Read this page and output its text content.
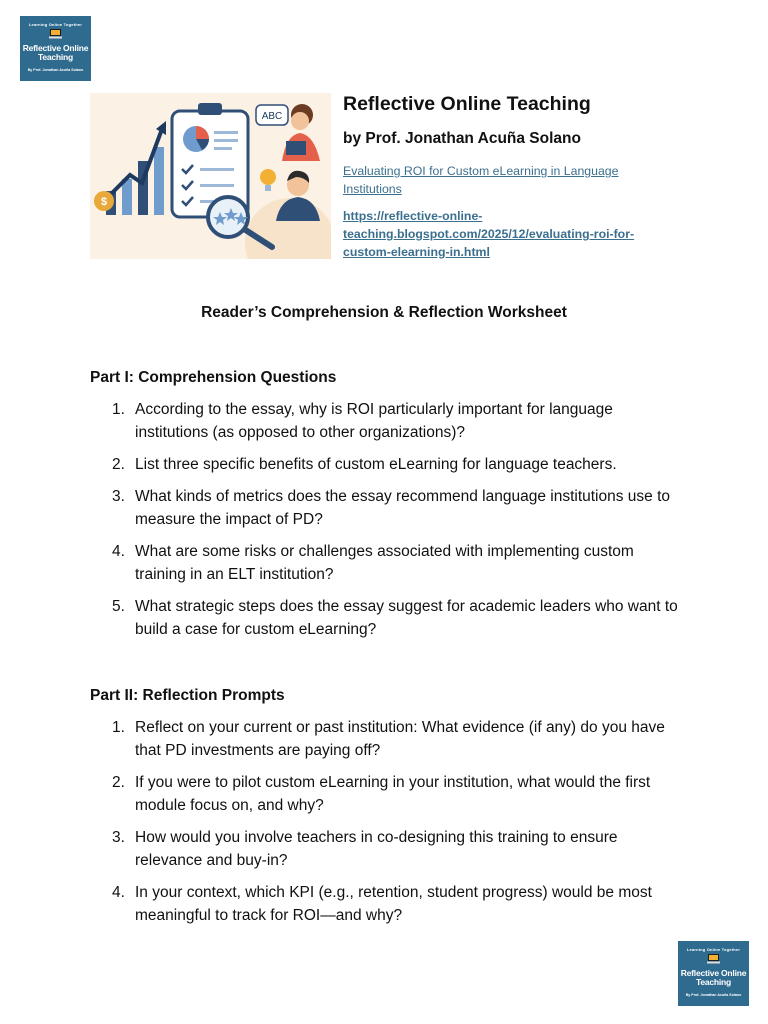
Learning Online Together
Reflective Online
Teaching
By Prof. Jonathan Acuña Solano
$
ABC
Reflective Online Teaching
by Prof. Jonathan Acuña Solano
Evaluating ROI for Custom eLearning in Language Institutions
https://reflective-online-teaching.blogspot.com/2025/12/evaluating-roi-for-custom-elearning-in.html
Reader’s Comprehension & Reflection Worksheet
Part I: Comprehension Questions
1. According to the essay, why is ROI particularly important for language institutions (as opposed to other organizations)?
2. List three specific benefits of custom eLearning for language teachers.
3. What kinds of metrics does the essay recommend language institutions use to measure the impact of PD?
4. What are some risks or challenges associated with implementing custom training in an ELT institution?
5. What strategic steps does the essay suggest for academic leaders who want to build a case for custom eLearning?
Part II: Reflection Prompts
1. Reflect on your current or past institution: What evidence (if any) do you have that PD investments are paying off?
2. If you were to pilot custom eLearning in your institution, what would the first module focus on, and why?
3. How would you involve teachers in co-designing this training to ensure relevance and buy-in?
4. In your context, which KPI (e.g., retention, student progress) would be most meaningful to track for ROI—and why?
Learning Online Together
Reflective Online
Teaching
By Prof. Jonathan Acuña Solano
